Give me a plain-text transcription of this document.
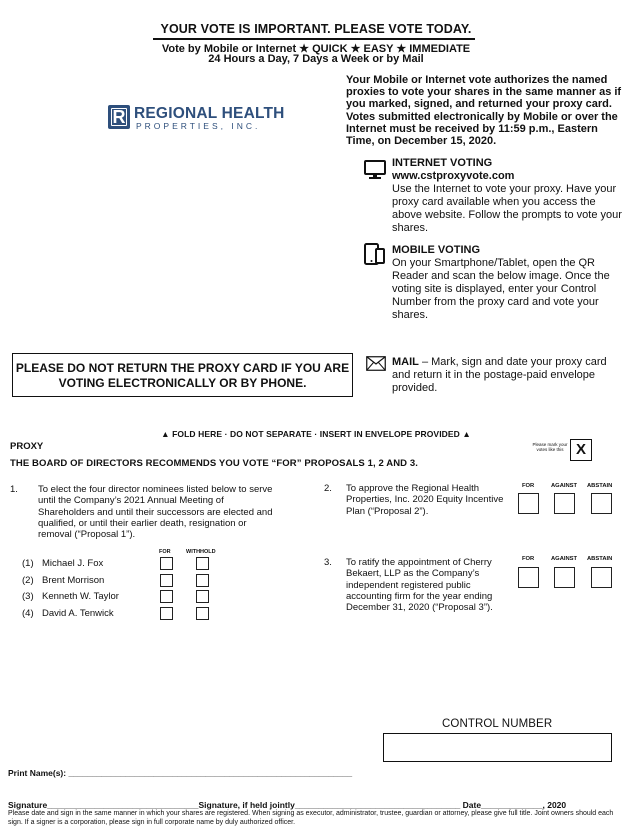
YOUR VOTE IS IMPORTANT. PLEASE VOTE TODAY.
Vote by Mobile or Internet ★ QUICK ★ EASY ★ IMMEDIATE
24 Hours a Day, 7 Days a Week or by Mail
R REGIONAL HEALTH
PROPERTIES, INC.
Your Mobile or Internet vote authorizes the named proxies to vote your shares in the same manner as if you marked, signed, and returned your proxy card. Votes submitted electronically by Mobile or over the Internet must be received by 11:59 p.m., Eastern Time, on December 15, 2020.
INTERNET VOTING
www.cstproxyvote.com
Use the Internet to vote your proxy. Have your proxy card available when you access the above website. Follow the prompts to vote your shares.
MOBILE VOTING
On your Smartphone/Tablet, open the QR Reader and scan the below image. Once the voting site is displayed, enter your Control Number from the proxy card and vote your shares.
PLEASE DO NOT RETURN THE PROXY CARD IF YOU ARE VOTING ELECTRONICALLY OR BY PHONE.
MAIL – Mark, sign and date your proxy card and return it in the postage-paid envelope provided.
▲ FOLD HERE · DO NOT SEPARATE · INSERT IN ENVELOPE PROVIDED ▲
PROXY
THE BOARD OF DIRECTORS RECOMMENDS YOU VOTE “FOR” PROPOSALS 1, 2 AND 3.
Please mark your votes like this X
1. To elect the four director nominees listed below to serve until the Company’s 2021 Annual Meeting of Shareholders and until their successors are elected and qualified, or until their earlier death, resignation or removal (“Proposal 1”).
FOR	WITHHOLD
(1) Michael J. Fox
(2) Brent Morrison
(3) Kenneth W. Taylor
(4) David A. Tenwick
2. To approve the Regional Health Properties, Inc. 2020 Equity Incentive Plan (“Proposal 2”).
FOR	AGAINST ABSTAIN
3. To ratify the appointment of Cherry Bekaert, LLP as the Company’s independent registered public accounting firm for the year ending December 31, 2020 (“Proposal 3”).
FOR	AGAINST ABSTAIN
CONTROL NUMBER
Print Name(s): ____________________________________________________________
Signature________________________________Signature, if held jointly___________________________________ Date_____________, 2020
Please date and sign in the same manner in which your shares are registered. When signing as executor, administrator, trustee, guardian or attorney, please give full title. Joint owners should each sign. If a signer is a corporation, please sign in full corporate name by duly authorized officer.
